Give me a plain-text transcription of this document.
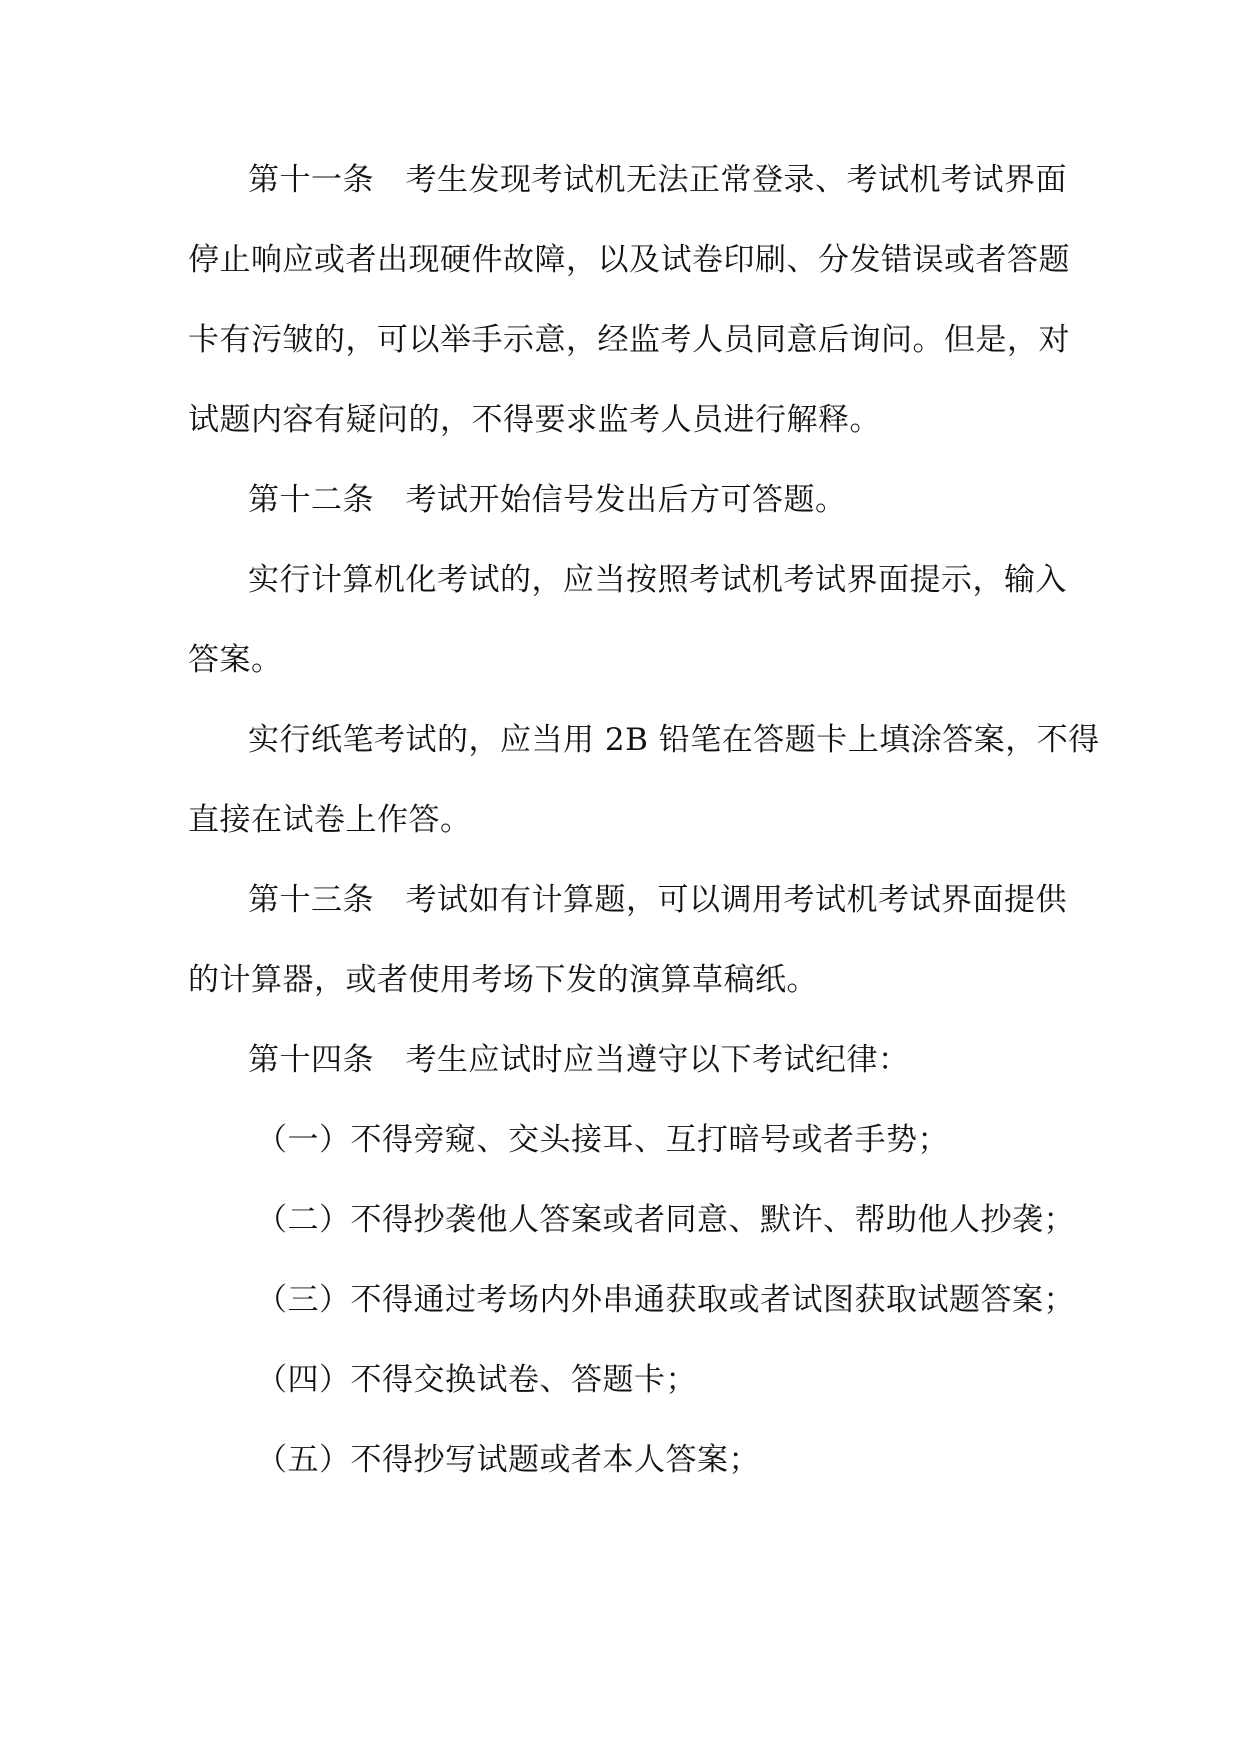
第十一条　考生发现考试机无法正常登录、考试机考试界面
停止响应或者出现硬件故障，以及试卷印刷、分发错误或者答题
卡有污皱的，可以举手示意，经监考人员同意后询问。但是，对
试题内容有疑问的，不得要求监考人员进行解释。
第十二条　考试开始信号发出后方可答题。
实行计算机化考试的，应当按照考试机考试界面提示，输入
答案。
实行纸笔考试的，应当用 2B 铅笔在答题卡上填涂答案，不得
直接在试卷上作答。
第十三条　考试如有计算题，可以调用考试机考试界面提供
的计算器，或者使用考场下发的演算草稿纸。
第十四条　考生应试时应当遵守以下考试纪律：
（一）不得旁窥、交头接耳、互打暗号或者手势；
（二）不得抄袭他人答案或者同意、默许、帮助他人抄袭；
（三）不得通过考场内外串通获取或者试图获取试题答案；
（四）不得交换试卷、答题卡；
（五）不得抄写试题或者本人答案；
